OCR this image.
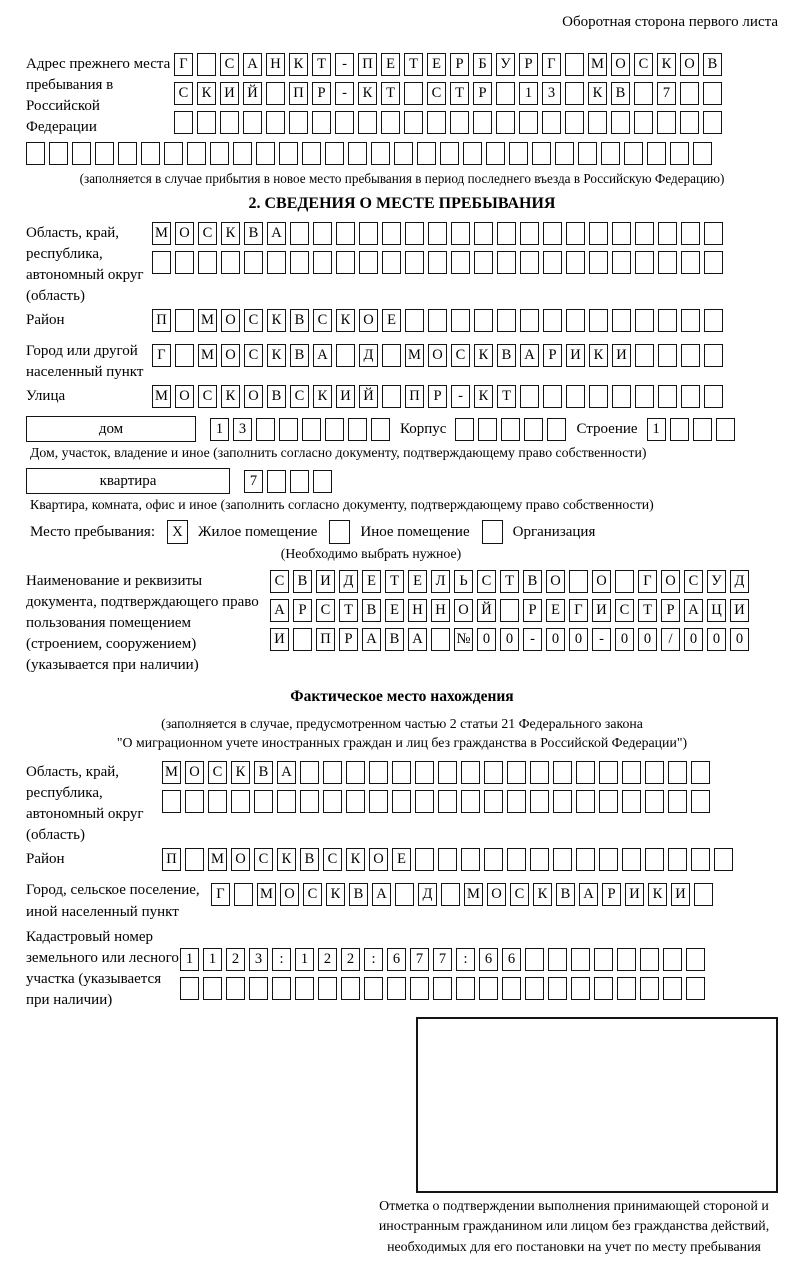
Оборотная сторона первого листа
Адрес прежнего места пребывания в Российской Федерации
Г	С А Н К Т	-	П Е Т Е	Р	Б У Р	Г	М О С К О В
С К И Й П Р	-	К Т	С Т	Р	1	3	К В	7
(заполняется в случае прибытия в новое место пребывания в период последнего въезда в Российскую Федерацию)
2. СВЕДЕНИЯ О МЕСТЕ ПРЕБЫВАНИЯ
Область, край, республика, автономный округ (область)
М О С К В А
Район	П М О С К В С К О Е
Город или другой населенный пункт
Г	М О С К В А	Д	М О С К В А Р И К И
Улица	М О С К О В С К И Й П Р	-	К Т
дом	1	3	Корпус	Строение	1
Дом, участок, владение и иное (заполнить согласно документу, подтверждающему право собственности)
квартира	7
Квартира, комната, офис и иное (заполнить согласно документу, подтверждающему право собственности)
Место пребывания:	X	Жилое помещение	Иное помещение	Организация
(Необходимо выбрать нужное)
Наименование и реквизиты документа, подтверждающего право пользования помещением (строением, сооружением) (указывается при наличии)
С В И Д Е Т Е Л Ь С Т В О О	Г О С У Д
А Р С Т В Е Н Н О Й	Р	Е Г И С Т	Р А Ц И
И П Р А В А № 0	0	-	0	0	-	0	0	/	0	0	0
Фактическое место нахождения
(заполняется в случае, предусмотренном частью 2 статьи 21 Федерального закона
"О миграционном учете иностранных граждан и лиц без гражданства в Российской Федерации")
Область, край, республика, автономный округ (область)
М О С К В А
Район	П М О С К В С К О Е
Город, сельское поселение, иной населенный пункт
Г	М О С К В А	Д	М О С К В А Р И К И
Кадастровый номер земельного или лесного участка (указывается при наличии)
1	1	2	3	:	1	2	2	:	6	7	7	:	6	6
Отметка о подтверждении выполнения принимающей стороной и иностранным гражданином или лицом без гражданства действий, необходимых для его постановки на учет по месту пребывания
